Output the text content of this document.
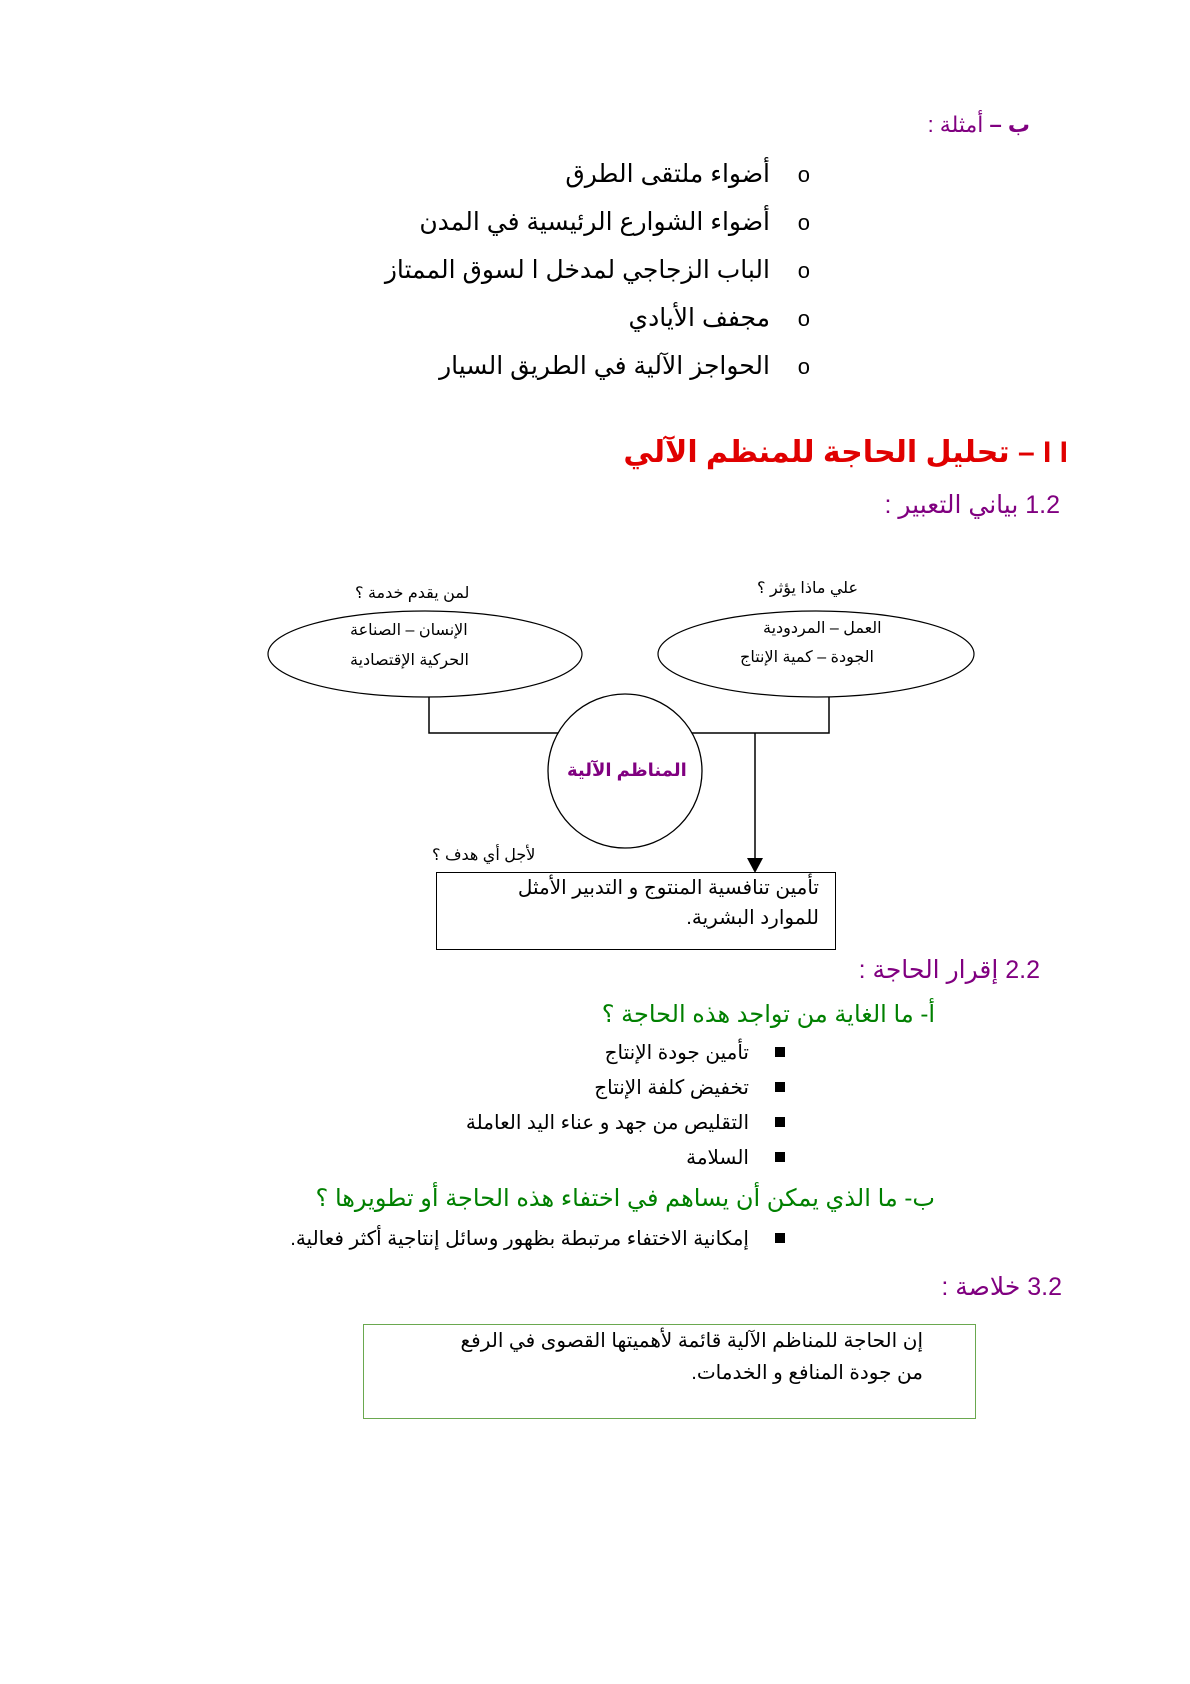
ب – أمثلة :
oأضواء ملتقى الطرق
oأضواء الشوارع الرئيسية في المدن
oالباب الزجاجي لمدخل ا لسوق الممتاز
oمجفف الأيادي
oالحواجز الآلية في الطريق السيار
I I – تحليل الحاجة للمنظم الآلي
1.2 بياني التعبير :
لمن يقدم خدمة ؟
الإنسان – الصناعة
الحركية الإقتصادية
علي ماذا يؤثر ؟
العمل – المردودية
الجودة – كمية الإنتاج
المناظم الآلية
لأجل أي هدف ؟
تأمين تنافسية المنتوج و التدبير الأمثل
للموارد البشرية.
2.2 إقرار الحاجة :
أ- ما الغاية من تواجد هذه الحاجة ؟
تأمين جودة الإنتاج
تخفيض كلفة الإنتاج
التقليص من جهد و عناء اليد العاملة
السلامة
ب- ما الذي يمكن أن يساهم في اختفاء هذه الحاجة أو تطويرها ؟
إمكانية الاختفاء مرتبطة بظهور وسائل إنتاجية أكثر فعالية.
3.2 خلاصة :
إن الحاجة للمناظم الآلية قائمة لأهميتها القصوى في الرفع
من جودة المنافع و الخدمات.
